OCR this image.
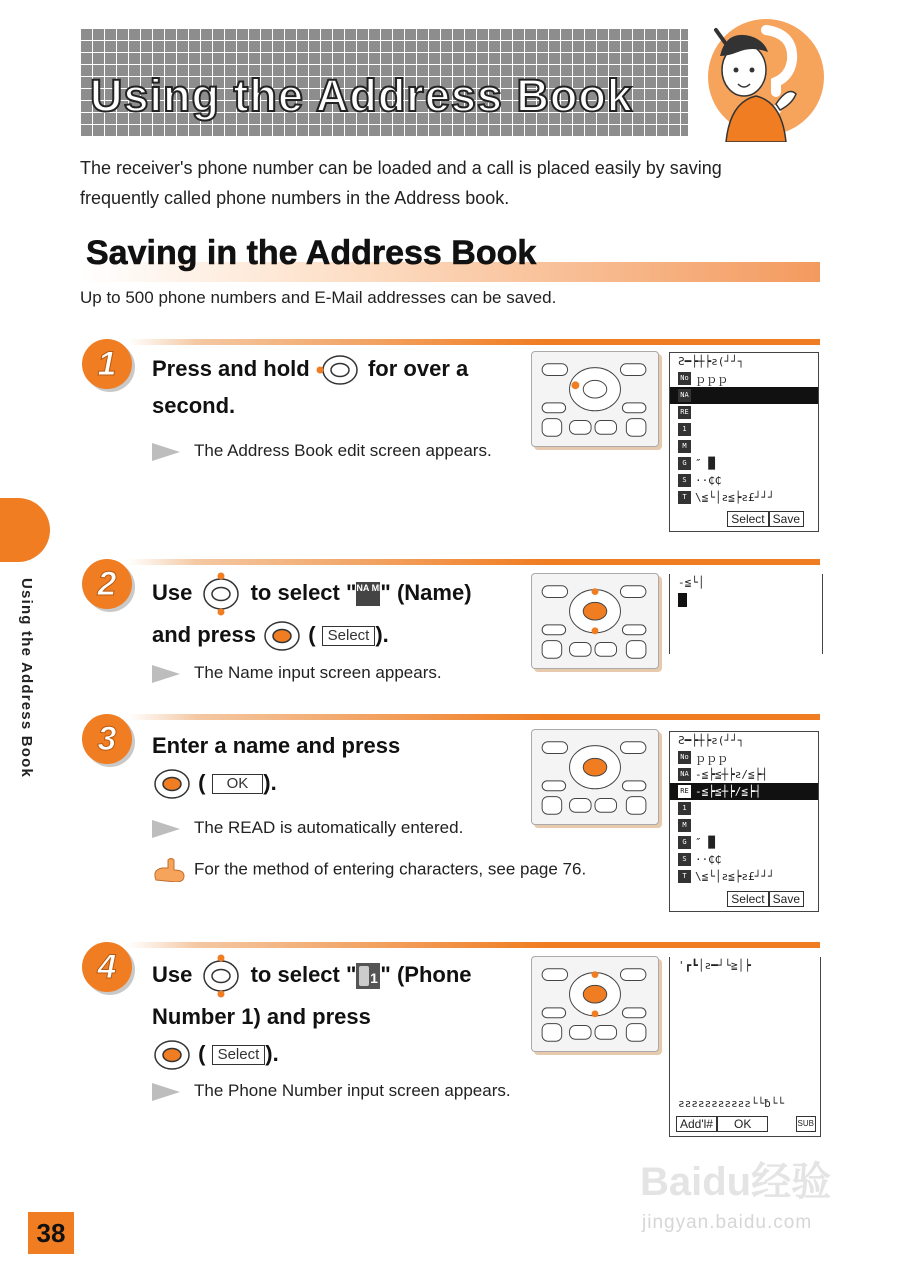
Using the Address Book
The receiver's phone number can be loaded and a call is placed easily by saving frequently called phone numbers in the Address book.
Saving in the Address Book
Up to 500 phone numbers and E-Mail addresses can be saved.
Using the Address Book
1	Press and hold	for over a
second.
The Address Book edit screen appears.
Ƨ━┝┼┝ƨ(┘┘┐
No ｐｐｐ
NA
RE
1
M
G ″ █
S ··₵₵
T \≦└│ƨ≦┝ƨ£┘┘┘
Select Save
2	Use	to select "NA ME" (Name)
and press ( Select ).
The Name input screen appears.
-≦└│
3	Enter a name and press
( OK ).
The READ is automatically entered.
For the method of entering characters, see page 76.
Ƨ━┝┼┝ƨ(┘┘┐
No ｐｐｐ
NA -≦┝≦┼┝ƨ/≦┝┤
RE -≦┝≦┼┝/≦┝┤
1
M
G ″ █
S ··₵₵
T \≦└│ƨ≦┝ƨ£┘┘┘
Select Save
4	Use	to select " 1 " (Phone
Number 1) and press
( Select ).
The Phone Number input screen appears.
'┏┗│ƨ━┘└≧│┝
ƨƨƨƨƨƨƨƨƨƨƨ└└ƀ└└
Add'l# OK	SUB
38
Baidu经验
jingyan.baidu.com
